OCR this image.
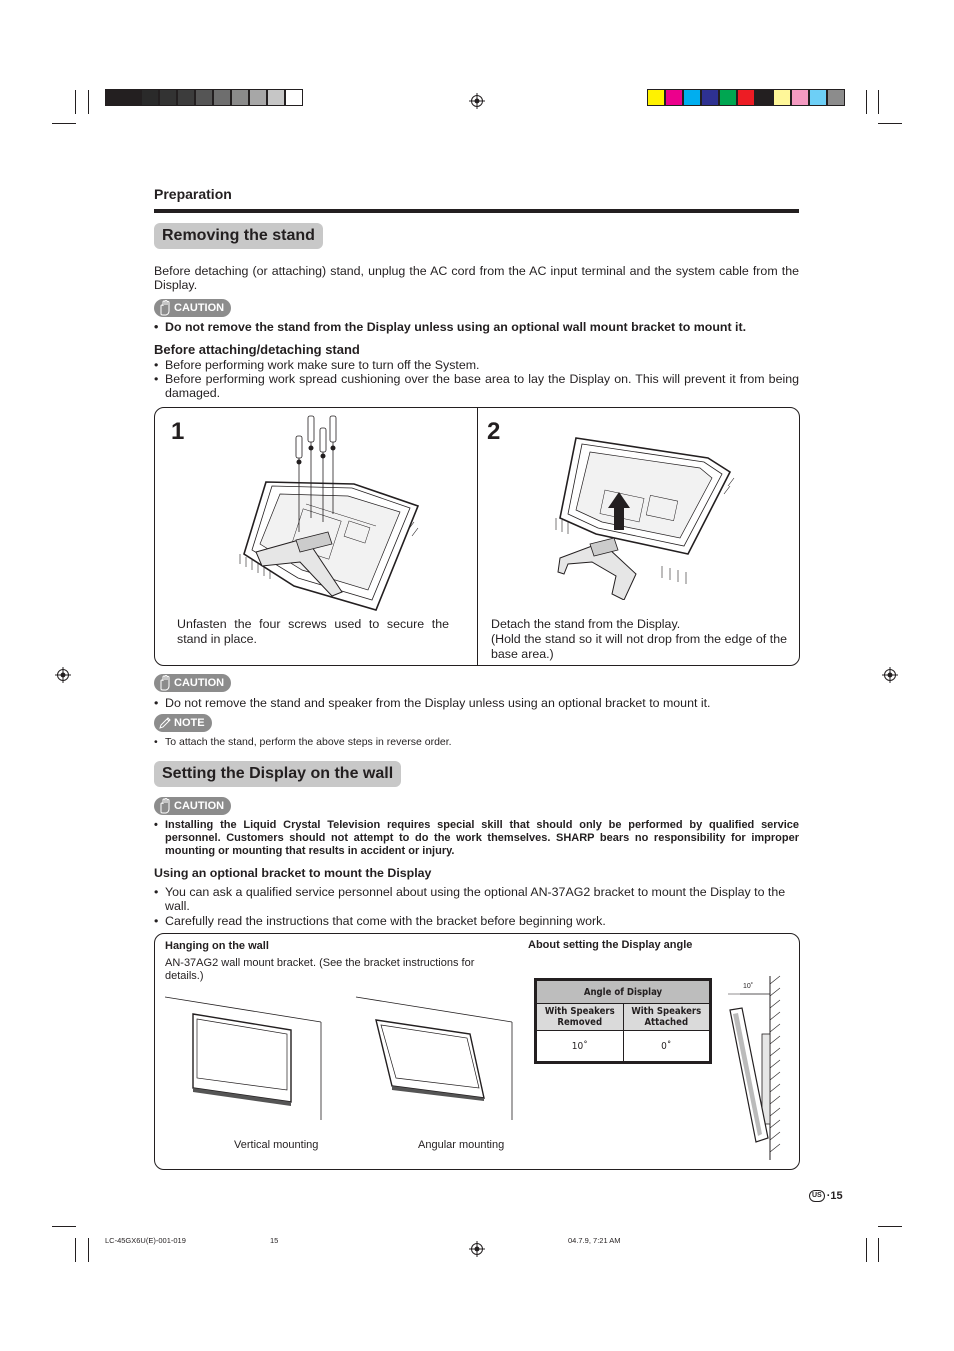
Preparation
Removing the stand
Before detaching (or attaching) stand, unplug the AC cord from the AC input terminal and the system cable from the Display.
CAUTION
• Do not remove the stand from the Display unless using an optional wall mount bracket to mount it.
Before attaching/detaching stand
• Before performing work make sure to turn off the System.
• Before performing work spread cushioning over the base area to lay the Display on. This will prevent it from being damaged.
1	2
Unfasten the four screws used to secure the stand in place.
Detach the stand from the Display.
(Hold the stand so it will not drop from the edge of the base area.)
CAUTION
• Do not remove the stand and speaker from the Display unless using an optional bracket to mount it.
NOTE
• To attach the stand, perform the above steps in reverse order.
Setting the Display on the wall
CAUTION
• Installing the Liquid Crystal Television requires special skill that should only be performed by qualified service personnel. Customers should not attempt to do the work themselves. SHARP bears no responsibility for improper mounting or mounting that results in accident or injury.
Using an optional bracket to mount the Display
• You can ask a qualified service personnel about using the optional AN-37AG2 bracket to mount the Display to the wall.
• Carefully read the instructions that come with the bracket before beginning work.
Hanging on the wall
AN-37AG2 wall mount bracket. (See the bracket instructions for details.)
Vertical mounting	Angular mounting
About setting the Display angle
Angle of Display	
With Speakers Removed	With Speakers Attached
10˚	0˚
10˚
US ·15
LC-45GX6U(E)-001-019	15	04.7.9, 7:21 AM
